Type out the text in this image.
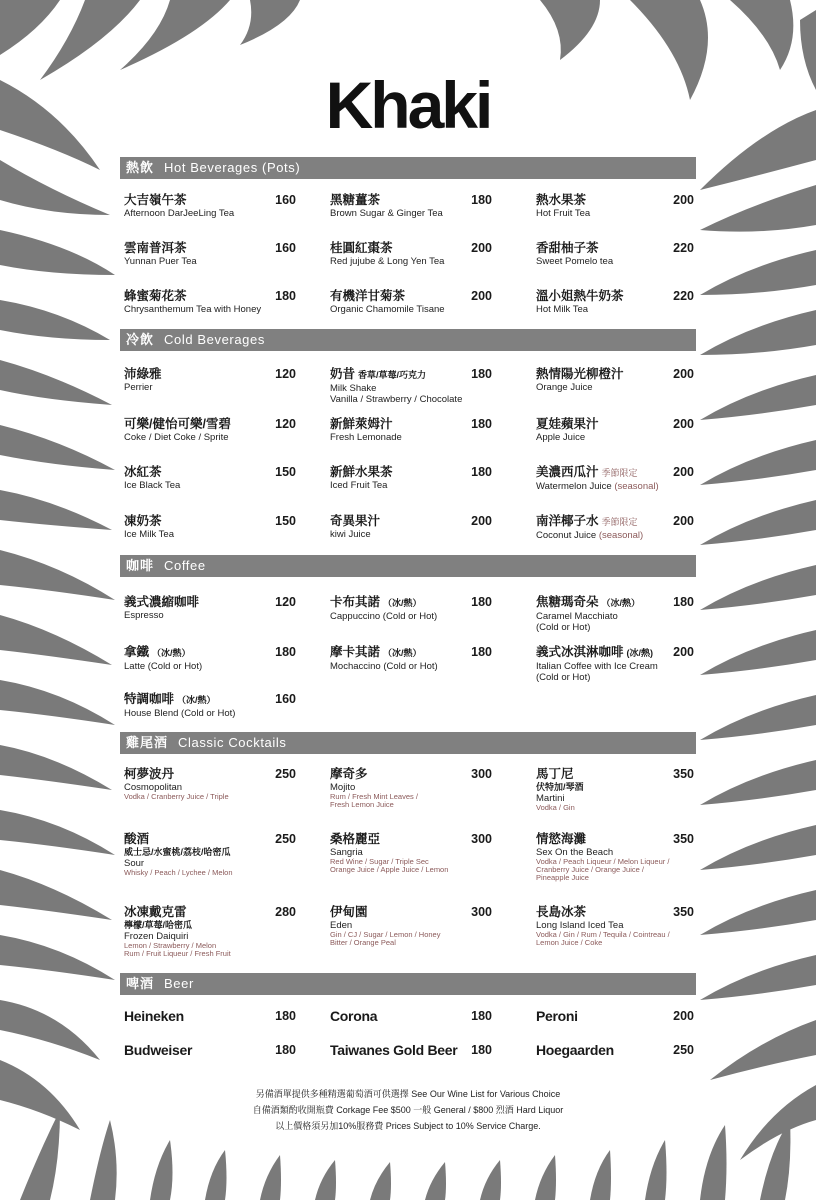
Khaki
熱飲 Hot Beverages (Pots)
冷飲 Cold Beverages
咖啡 Coffee
雞尾酒 Classic Cocktails
啤酒 Beer
另備酒單提供多種精選葡萄酒可供選擇 See Our Wine List for Various Choice
自備酒類酌收開瓶費 Corkage Fee $500 一般 General / $800 烈酒 Hard Liquor
以上價格須另加10%服務費 Prices Subject to 10% Service Charge.
大吉嶺午茶	160
Afternoon DarJeeLing Tea
黑糖薑茶	180
Brown Sugar & Ginger Tea
熱水果茶	200
Hot Fruit Tea
雲南普洱茶	160
Yunnan Puer Tea
桂圓紅棗茶	200
Red jujube & Long Yen Tea
香甜柚子茶	220
Sweet Pomelo tea
蜂蜜菊花茶	180
Chrysanthemum Tea with Honey
有機洋甘菊茶	200
Organic Chamomile Tisane
溫小姐熱牛奶茶	220
Hot Milk Tea
沛綠雅	120
Perrier
奶昔 香草/草莓/巧克力	180
Milk Shake
Vanilla / Strawberry / Chocolate
熱情陽光柳橙汁	200
Orange Juice
可樂/健怡可樂/雪碧	120
Coke / Diet Coke / Sprite
新鮮萊姆汁	180
Fresh Lemonade
夏娃蘋果汁	200
Apple Juice
冰紅茶	150
Ice Black Tea
新鮮水果茶	180
Iced Fruit Tea
美濃西瓜汁 季節限定	200
Watermelon Juice (seasonal)
凍奶茶	150
Ice Milk Tea
奇異果汁	200
kiwi Juice
南洋椰子水 季節限定	200
Coconut Juice (seasonal)
義式濃縮咖啡	120
Espresso
卡布其諾 （冰/熱）	180
Cappuccino (Cold or Hot)
焦糖瑪奇朵 （冰/熱）	180
Caramel Macchiato
(Cold or Hot)
拿鐵 （冰/熱）	180
Latte (Cold or Hot)
摩卡其諾 （冰/熱）	180
Mochaccino (Cold or Hot)
義式冰淇淋咖啡 (冰/熱)	200
Italian Coffee with Ice Cream
(Cold or Hot)
特調咖啡 （冰/熱）	160
House Blend (Cold or Hot)
柯夢波丹	250
Cosmopolitan
Vodka / Cranberry Juice / Triple
摩奇多	300
Mojito
Rum / Fresh Mint Leaves /
Fresh Lemon Juice
馬丁尼	350
伏特加/琴酒
Martini
Vodka / Gin
酸酒	250
威士忌/水蜜桃/荔枝/哈密瓜
Sour
Whisky / Peach / Lychee / Melon
桑格麗亞	300
Sangria
Red Wine / Sugar / Triple Sec
Orange Juice / Apple Juice / Lemon
情慾海灘	350
Sex On the Beach
Vodka / Peach Liqueur / Melon Liqueur /
Cranberry Juice / Orange Juice /
Pineapple Juice
冰凍戴克雷	280
檸檬/草莓/哈密瓜
Frozen Daiquiri
Lemon / Strawberry / Melon
Rum / Fruit Liqueur / Fresh Fruit
伊甸園	300
Eden
Gin / CJ / Sugar / Lemon / Honey
Bitter / Orange Peal
長島冰茶	350
Long Island Iced Tea
Vodka / Gin / Rum / Tequila / Cointreau /
Lemon Juice / Coke
Heineken	180 Corona	180	Peroni	200
Budweiser	180 Taiwanes Gold Beer	180	Hoegaarden	250
